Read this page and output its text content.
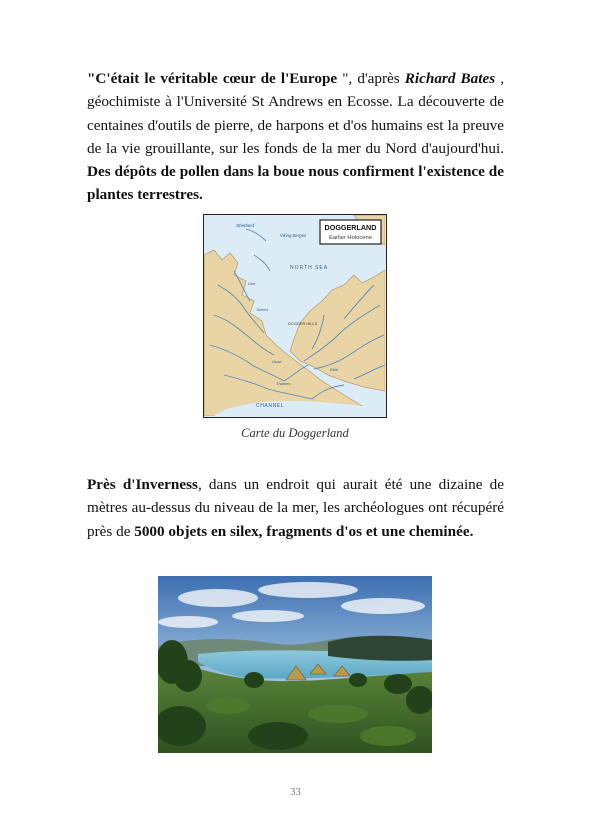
"C'était le véritable cœur de l'Europe ", d'après Richard Bates , géochimiste à l'Université St Andrews en Ecosse. La découverte de centaines d'outils de pierre, de harpons et d'os humains est la preuve de la vie grouillante, sur les fonds de la mer du Nord d'aujourd'hui. Des dépôts de pollen dans la boue nous confirment l'existence de plantes terrestres.

DOGGERLAND
Earlier Holocene
Shetland
Viking-Bergen
NORTH SEA
Dee
Tweed
DOGGER HILLS
Ouse
Elbe
Thames
CHANNEL
Carte du Doggerland

Près d'Inverness, dans un endroit qui aurait été une dizaine de mètres au-dessus du niveau de la mer, les archéologues ont récupéré près de 5000 objets en silex, fragments d'os et une cheminée.

33
